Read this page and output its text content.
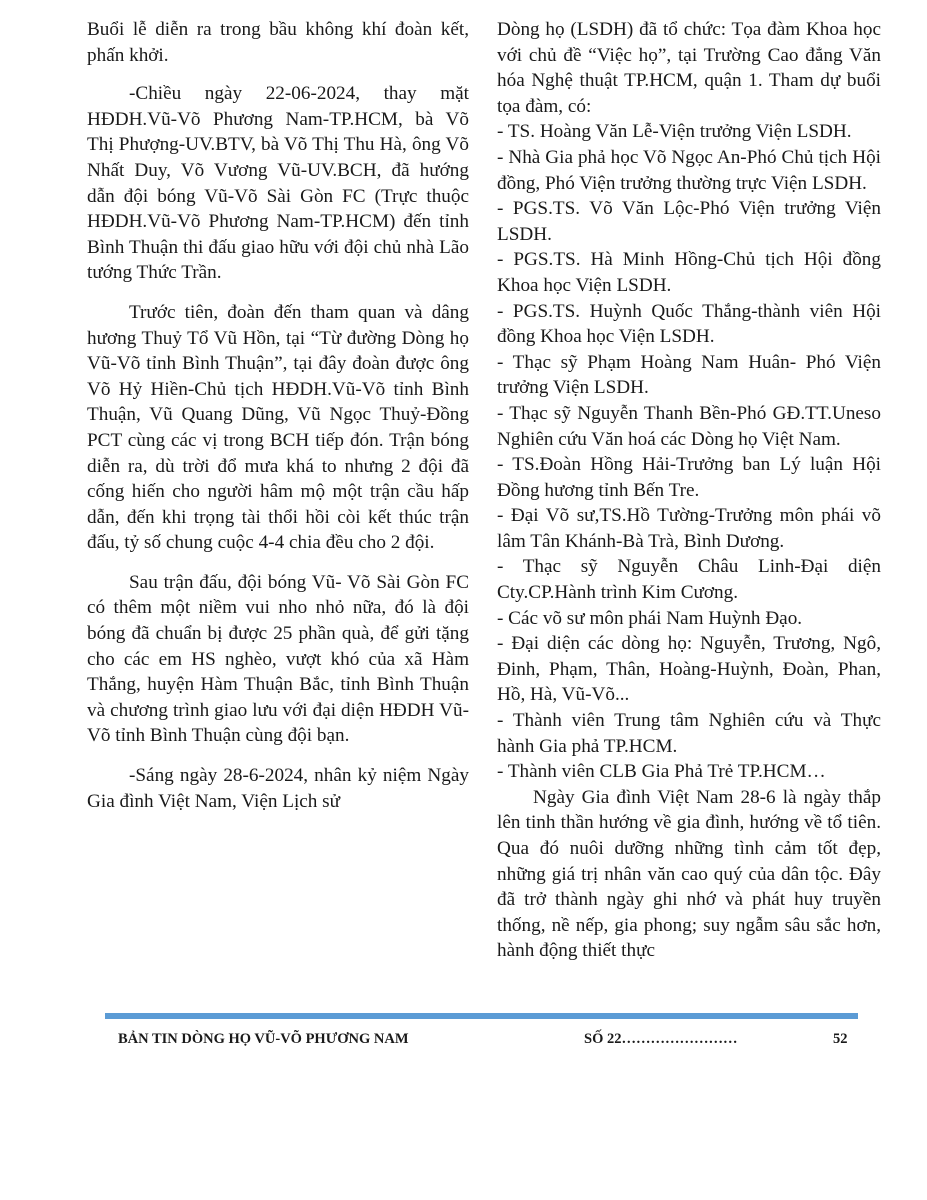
Buổi lễ diễn ra trong bầu không khí đoàn kết, phấn khởi.

-Chiều ngày 22-06-2024, thay mặt HĐDH.Vũ-Võ Phương Nam-TP.HCM, bà Võ Thị Phượng-UV.BTV, bà Võ Thị Thu Hà, ông Võ Nhất Duy, Võ Vương Vũ-UV.BCH, đã hướng dẫn đội bóng Vũ-Võ Sài Gòn FC (Trực thuộc HĐDH.Vũ-Võ Phương Nam-TP.HCM) đến tỉnh Bình Thuận thi đấu giao hữu với đội chủ nhà Lão tướng Thức Trần.

Trước tiên, đoàn đến tham quan và dâng hương Thuỷ Tổ Vũ Hồn, tại “Từ đường Dòng họ Vũ-Võ tỉnh Bình Thuận”, tại đây đoàn được ông Võ Hỷ Hiền-Chủ tịch HĐDH.Vũ-Võ tỉnh Bình Thuận, Vũ Quang Dũng, Vũ Ngọc Thuỷ-Đồng PCT cùng các vị trong BCH tiếp đón. Trận bóng diễn ra, dù trời đổ mưa khá to nhưng 2 đội đã cống hiến cho người hâm mộ một trận cầu hấp dẫn, đến khi trọng tài thổi hồi còi kết thúc trận đấu, tỷ số chung cuộc 4-4 chia đều cho 2 đội.

Sau trận đấu, đội bóng Vũ- Võ Sài Gòn FC có thêm một niềm vui nho nhỏ nữa, đó là đội bóng đã chuẩn bị được 25 phần quà, để gửi tặng cho các em HS nghèo, vượt khó của xã Hàm Thắng, huyện Hàm Thuận Bắc, tỉnh Bình Thuận và chương trình giao lưu với đại diện HĐDH Vũ-Võ tỉnh Bình Thuận cùng đội bạn.

-Sáng ngày 28-6-2024, nhân kỷ niệm Ngày Gia đình Việt Nam, Viện Lịch sử

Dòng họ (LSDH) đã tổ chức: Tọa đàm Khoa học với chủ đề “Việc họ”, tại Trường Cao đẳng Văn hóa Nghệ thuật TP.HCM, quận 1. Tham dự buổi tọa đàm, có:

- TS. Hoàng Văn Lễ-Viện trưởng Viện LSDH.

- Nhà Gia phả học Võ Ngọc An-Phó Chủ tịch Hội đồng, Phó Viện trưởng thường trực Viện LSDH.

- PGS.TS. Võ Văn Lộc-Phó Viện trưởng Viện LSDH.

- PGS.TS. Hà Minh Hồng-Chủ tịch Hội đồng Khoa học Viện LSDH.

- PGS.TS. Huỳnh Quốc Thắng-thành viên Hội đồng Khoa học Viện LSDH.

- Thạc sỹ Phạm Hoàng Nam Huân- Phó Viện trưởng Viện LSDH.

- Thạc sỹ Nguyễn Thanh Bền-Phó GĐ.TT.Uneso Nghiên cứu Văn hoá các Dòng họ Việt Nam.

- TS.Đoàn Hồng Hải-Trưởng ban Lý luận Hội Đồng hương tỉnh Bến Tre.

- Đại Võ sư,TS.Hồ Tường-Trưởng môn phái võ lâm Tân Khánh-Bà Trà, Bình Dương.

- Thạc sỹ Nguyễn Châu Linh-Đại diện Cty.CP.Hành trình Kim Cương.

- Các võ sư môn phái Nam Huỳnh Đạo.

- Đại diện các dòng họ: Nguyễn, Trương, Ngô, Đinh, Phạm, Thân, Hoàng-Huỳnh, Đoàn, Phan, Hồ, Hà, Vũ-Võ...

- Thành viên Trung tâm Nghiên cứu và Thực hành Gia phả TP.HCM.

- Thành viên CLB Gia Phả Trẻ TP.HCM…

Ngày Gia đình Việt Nam 28-6 là ngày thắp lên tinh thần hướng về gia đình, hướng về tổ tiên. Qua đó nuôi dưỡng những tình cảm tốt đẹp, những giá trị nhân văn cao quý của dân tộc. Đây đã trở thành ngày ghi nhớ và phát huy truyền thống, nề nếp, gia phong; suy ngẫm sâu sắc hơn, hành động thiết thực

BẢN TIN DÒNG HỌ VŨ-VÕ PHƯƠNG NAM	SỐ 22……………………	52
